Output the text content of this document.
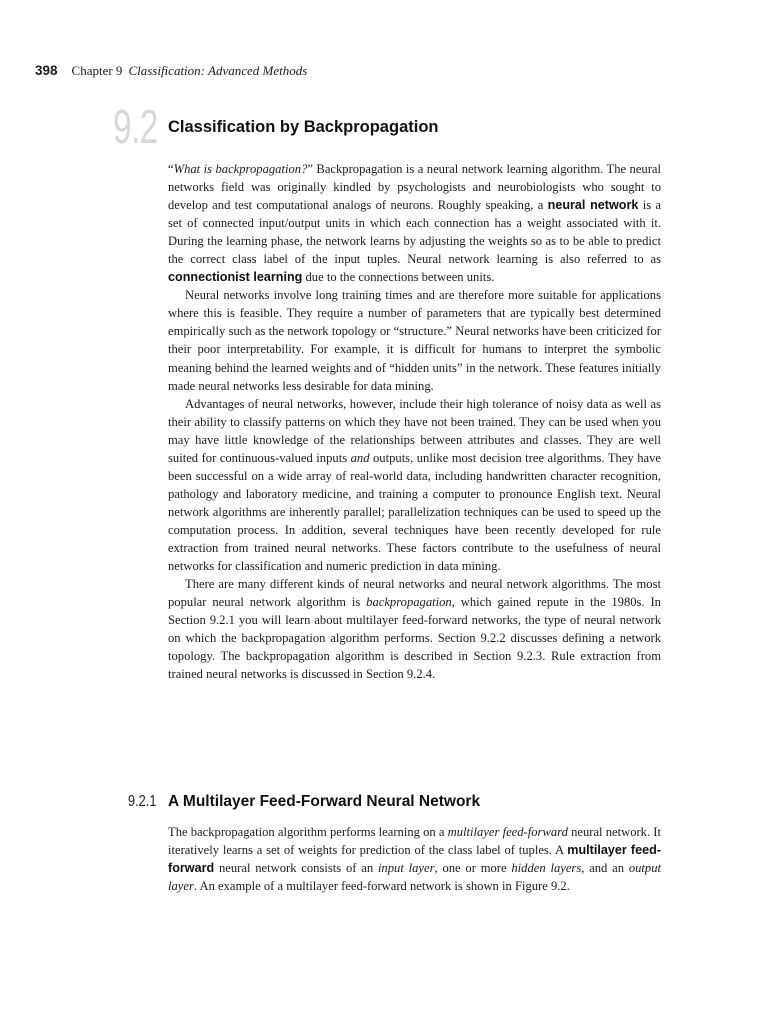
398 Chapter 9 Classification: Advanced Methods
9.2 Classification by Backpropagation

“What is backpropagation?” Backpropagation is a neural network learning algorithm. The neural networks field was originally kindled by psychologists and neurobiologists who sought to develop and test computational analogs of neurons. Roughly speaking, a neural network is a set of connected input/output units in which each connection has a weight associated with it. During the learning phase, the network learns by adjusting the weights so as to be able to predict the correct class label of the input tuples. Neural network learning is also referred to as connectionist learning due to the connections between units.

Neural networks involve long training times and are therefore more suitable for applications where this is feasible. They require a number of parameters that are typically best determined empirically such as the network topology or “structure.” Neural networks have been criticized for their poor interpretability. For example, it is difficult for humans to interpret the symbolic meaning behind the learned weights and of “hidden units” in the network. These features initially made neural networks less desirable for data mining.

Advantages of neural networks, however, include their high tolerance of noisy data as well as their ability to classify patterns on which they have not been trained. They can be used when you may have little knowledge of the relationships between attributes and classes. They are well suited for continuous-valued inputs and outputs, unlike most decision tree algorithms. They have been successful on a wide array of real-world data, including handwritten character recognition, pathology and laboratory medicine, and training a computer to pronounce English text. Neural network algorithms are inherently parallel; parallelization techniques can be used to speed up the computation process. In addition, several techniques have been recently developed for rule extraction from trained neural networks. These factors contribute to the usefulness of neural networks for classification and numeric prediction in data mining.

There are many different kinds of neural networks and neural network algorithms. The most popular neural network algorithm is backpropagation, which gained repute in the 1980s. In Section 9.2.1 you will learn about multilayer feed-forward networks, the type of neural network on which the backpropagation algorithm performs. Section 9.2.2 discusses defining a network topology. The backpropagation algorithm is described in Section 9.2.3. Rule extraction from trained neural networks is discussed in Section 9.2.4.

9.2.1 A Multilayer Feed-Forward Neural Network

The backpropagation algorithm performs learning on a multilayer feed-forward neural network. It iteratively learns a set of weights for prediction of the class label of tuples. A multilayer feed-forward neural network consists of an input layer, one or more hidden layers, and an output layer. An example of a multilayer feed-forward network is shown in Figure 9.2.
